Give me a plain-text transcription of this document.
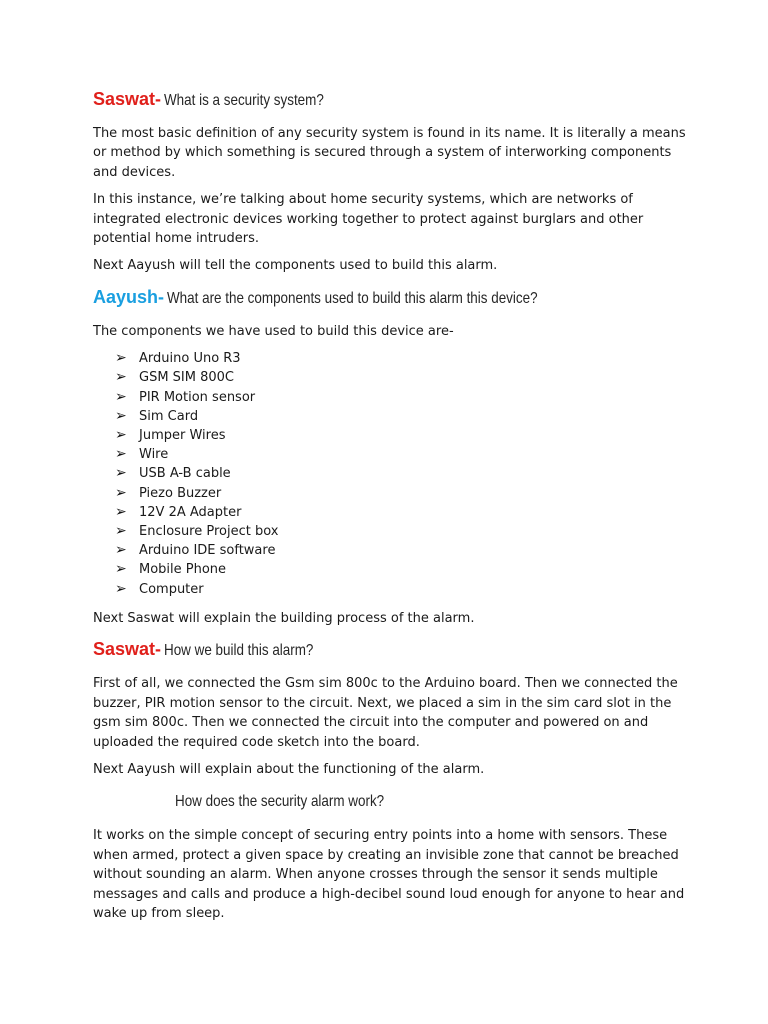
Saswat- What is a security system?

The most basic definition of any security system is found in its name. It is literally a means or method by which something is secured through a system of interworking components and devices.

In this instance, we’re talking about home security systems, which are networks of integrated electronic devices working together to protect against burglars and other potential home intruders.

Next Aayush will tell the components used to build this alarm.

Aayush- What are the components used to build this alarm this device?

The components we have used to build this device are-

➢ Arduino Uno R3
➢ GSM SIM 800C
➢ PIR Motion sensor
➢ Sim Card
➢ Jumper Wires
➢ Wire
➢ USB A-B cable
➢ Piezo Buzzer
➢ 12V 2A Adapter
➢ Enclosure Project box
➢ Arduino IDE software
➢ Mobile Phone
➢ Computer

Next Saswat will explain the building process of the alarm.

Saswat- How we build this alarm?

First of all, we connected the Gsm sim 800c to the Arduino board. Then we connected the buzzer, PIR motion sensor to the circuit. Next, we placed a sim in the sim card slot in the gsm sim 800c. Then we connected the circuit into the computer and powered on and uploaded the required code sketch into the board.

Next Aayush will explain about the functioning of the alarm.

How does the security alarm work?

It works on the simple concept of securing entry points into a home with sensors. These when armed, protect a given space by creating an invisible zone that cannot be breached without sounding an alarm. When anyone crosses through the sensor it sends multiple messages and calls and produce a high-decibel sound loud enough for anyone to hear and wake up from sleep.
